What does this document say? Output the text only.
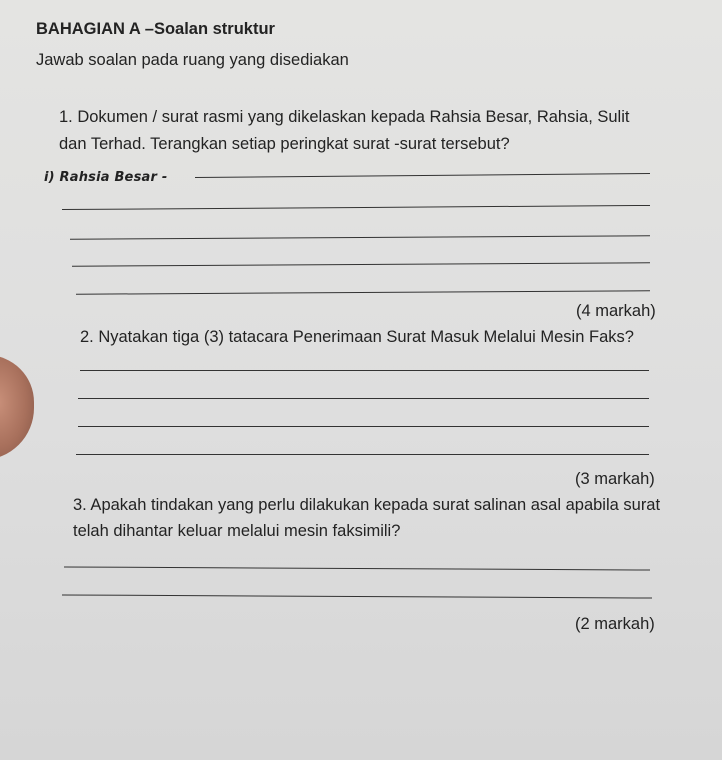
BAHAGIAN A –Soalan struktur
Jawab soalan pada ruang yang disediakan
1. Dokumen / surat rasmi yang dikelaskan kepada Rahsia Besar, Rahsia, Sulit
dan Terhad. Terangkan setiap peringkat surat -surat tersebut?
i) Rahsia Besar -
(4 markah)
2. Nyatakan tiga (3) tatacara Penerimaan Surat Masuk Melalui Mesin Faks?
(3 markah)
3. Apakah tindakan yang perlu dilakukan kepada surat salinan asal apabila surat
telah dihantar keluar melalui mesin faksimili?
(2 markah)
